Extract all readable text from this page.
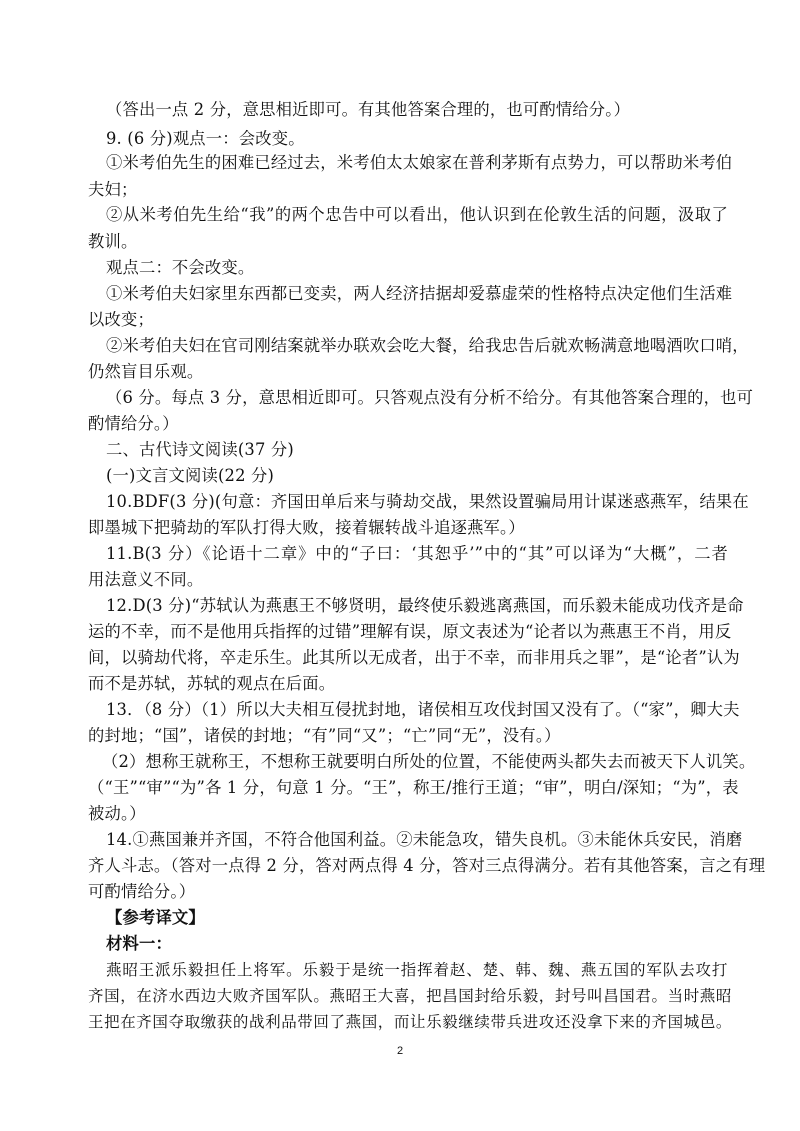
（答出一点 2 分，意思相近即可。有其他答案合理的，也可酌情给分。）
9. (6 分)观点一：会改变。
①米考伯先生的困难已经过去，米考伯太太娘家在普利茅斯有点势力，可以帮助米考伯
夫妇；
②从米考伯先生给“我”的两个忠告中可以看出，他认识到在伦敦生活的问题，汲取了
教训。
观点二：不会改变。
①米考伯夫妇家里东西都已变卖，两人经济拮据却爱慕虚荣的性格特点决定他们生活难
以改变；
②米考伯夫妇在官司刚结案就举办联欢会吃大餐，给我忠告后就欢畅满意地喝酒吹口哨，
仍然盲目乐观。
（6 分。每点 3 分，意思相近即可。只答观点没有分析不给分。有其他答案合理的，也可
酌情给分。）
二、古代诗文阅读(37 分)
(一)文言文阅读(22 分)
10.BDF(3 分)(句意：齐国田单后来与骑劫交战，果然设置骗局用计谋迷惑燕军，结果在
即墨城下把骑劫的军队打得大败，接着辗转战斗追逐燕军。）
11.B(3 分）《论语十二章》中的“子曰：‘其恕乎’”中的“其”可以译为“大概”，二者
用法意义不同。
12.D(3 分)“苏轼认为燕惠王不够贤明，最终使乐毅逃离燕国，而乐毅未能成功伐齐是命
运的不幸，而不是他用兵指挥的过错”理解有误，原文表述为“论者以为燕惠王不肖，用反
间，以骑劫代将，卒走乐生。此其所以无成者，出于不幸，而非用兵之罪”，是“论者”认为
而不是苏轼，苏轼的观点在后面。
13．（8 分）（1）所以大夫相互侵扰封地，诸侯相互攻伐封国又没有了。（“家”，卿大夫
的封地；“国”，诸侯的封地；“有”同“又”；“亡”同“无”，没有。）
（2）想称王就称王，不想称王就要明白所处的位置，不能使两头都失去而被天下人讥笑。
（“王”“审”“为”各 1 分，句意 1 分。“王”，称王/推行王道；“审”，明白/深知；“为”，表
被动。）
14.①燕国兼并齐国，不符合他国利益。②未能急攻，错失良机。③未能休兵安民，消磨
齐人斗志。（答对一点得 2 分，答对两点得 4 分，答对三点得满分。若有其他答案，言之有理
可酌情给分。）
【参考译文】
材料一：
燕昭王派乐毅担任上将军。乐毅于是统一指挥着赵、楚、韩、魏、燕五国的军队去攻打
齐国，在济水西边大败齐国军队。燕昭王大喜，把昌国封给乐毅，封号叫昌国君。当时燕昭
王把在齐国夺取缴获的战利品带回了燕国，而让乐毅继续带兵进攻还没拿下来的齐国城邑。
2
